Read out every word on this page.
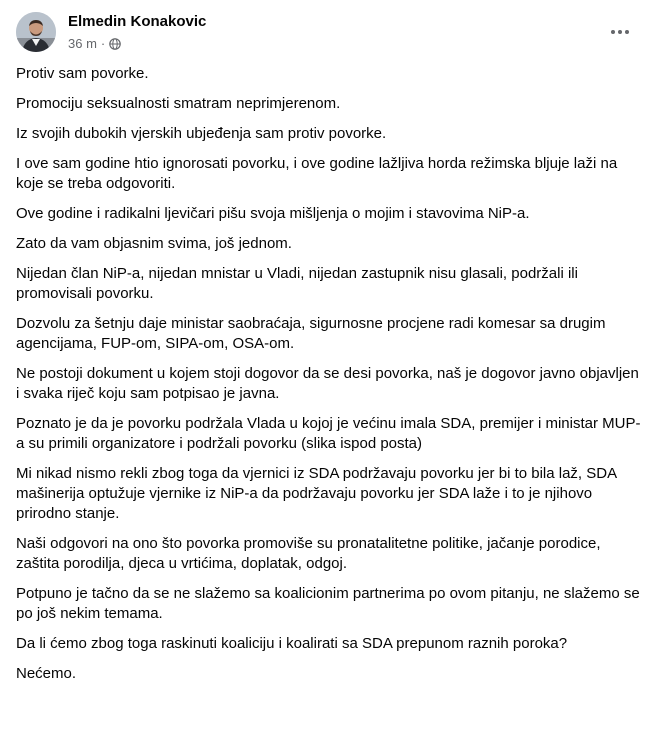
Elmedin Konakovic
36 m ·

Protiv sam povorke.

Promociju seksualnosti smatram neprimjerenom.

Iz svojih dubokih vjerskih ubjeđenja sam protiv povorke.

I ove sam godine htio ignorosati povorku, i ove godine lažljiva horda režimska bljuje laži na koje se treba odgovoriti.

Ove godine i radikalni ljevičari pišu svoja mišljenja o mojim i stavovima NiP-a.

Zato da vam objasnim svima, još jednom.

Nijedan član NiP-a, nijedan mnistar u Vladi, nijedan zastupnik nisu glasali, podržali ili promovisali povorku.

Dozvolu za šetnju daje ministar saobraćaja, sigurnosne procjene radi komesar sa drugim agencijama, FUP-om, SIPA-om, OSA-om.

Ne postoji dokument u kojem stoji dogovor da se desi povorka, naš je dogovor javno objavljen i svaka riječ koju sam potpisao je javna.

Poznato je da je povorku podržala Vlada u kojoj je većinu imala SDA, premijer i ministar MUP-a su primili organizatore i podržali povorku (slika ispod posta)

Mi nikad nismo rekli zbog toga da vjernici iz SDA podržavaju povorku jer bi to bila laž, SDA mašinerija optužuje vjernike iz NiP-a da podržavaju povorku jer SDA laže i to je njihovo prirodno stanje.

Naši odgovori na ono što povorka promoviše su pronatalitetne politike, jačanje porodice, zaštita porodilja, djeca u vrtićima, doplatak, odgoj.

Potpuno je tačno da se ne slažemo sa koalicionim partnerima po ovom pitanju, ne slažemo se po još nekim temama.

Da li ćemo zbog toga raskinuti koaliciju i koalirati sa SDA prepunom raznih poroka?

Nećemo.
